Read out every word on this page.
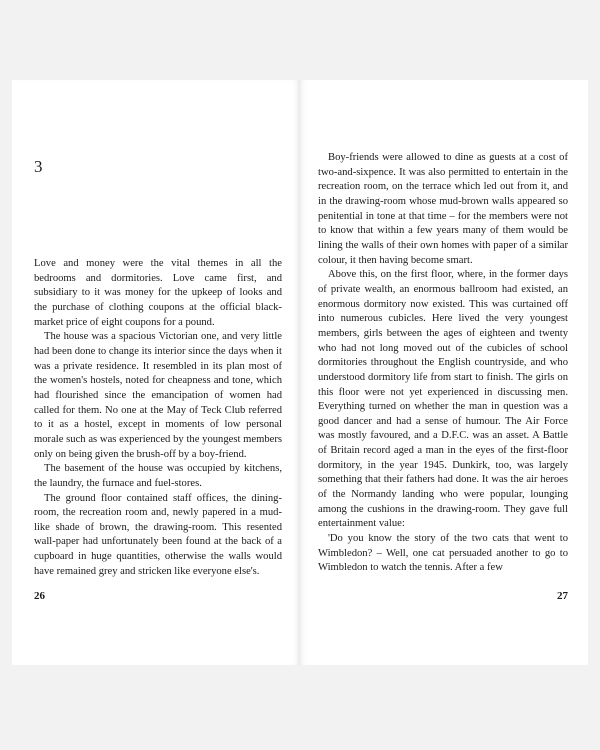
3

Love and money were the vital themes in all the bedrooms and dormitories. Love came first, and subsidiary to it was money for the upkeep of looks and the purchase of clothing coupons at the official black-market price of eight coupons for a pound.

The house was a spacious Victorian one, and very little had been done to change its interior since the days when it was a private residence. It resembled in its plan most of the women's hostels, noted for cheapness and tone, which had flourished since the emancipation of women had called for them. No one at the May of Teck Club referred to it as a hostel, except in moments of low personal morale such as was experienced by the youngest members only on being given the brush-off by a boy-friend.

The basement of the house was occupied by kitchens, the laundry, the furnace and fuel-stores.

The ground floor contained staff offices, the dining-room, the recreation room and, newly papered in a mud-like shade of brown, the drawing-room. This resented wall-paper had unfortunately been found at the back of a cupboard in huge quantities, otherwise the walls would have remained grey and stricken like everyone else's.

26

Boy-friends were allowed to dine as guests at a cost of two-and-sixpence. It was also permitted to entertain in the recreation room, on the terrace which led out from it, and in the drawing-room whose mud-brown walls appeared so penitential in tone at that time – for the members were not to know that within a few years many of them would be lining the walls of their own homes with paper of a similar colour, it then having become smart.

Above this, on the first floor, where, in the former days of private wealth, an enormous ballroom had existed, an enormous dormitory now existed. This was curtained off into numerous cubicles. Here lived the very youngest members, girls between the ages of eighteen and twenty who had not long moved out of the cubicles of school dormitories throughout the English countryside, and who understood dormitory life from start to finish. The girls on this floor were not yet experienced in discussing men. Everything turned on whether the man in question was a good dancer and had a sense of humour. The Air Force was mostly favoured, and a D.F.C. was an asset. A Battle of Britain record aged a man in the eyes of the first-floor dormitory, in the year 1945. Dunkirk, too, was largely something that their fathers had done. It was the air heroes of the Normandy landing who were popular, lounging among the cushions in the drawing-room. They gave full entertainment value:

'Do you know the story of the two cats that went to Wimbledon? – Well, one cat persuaded another to go to Wimbledon to watch the tennis. After a few

27
